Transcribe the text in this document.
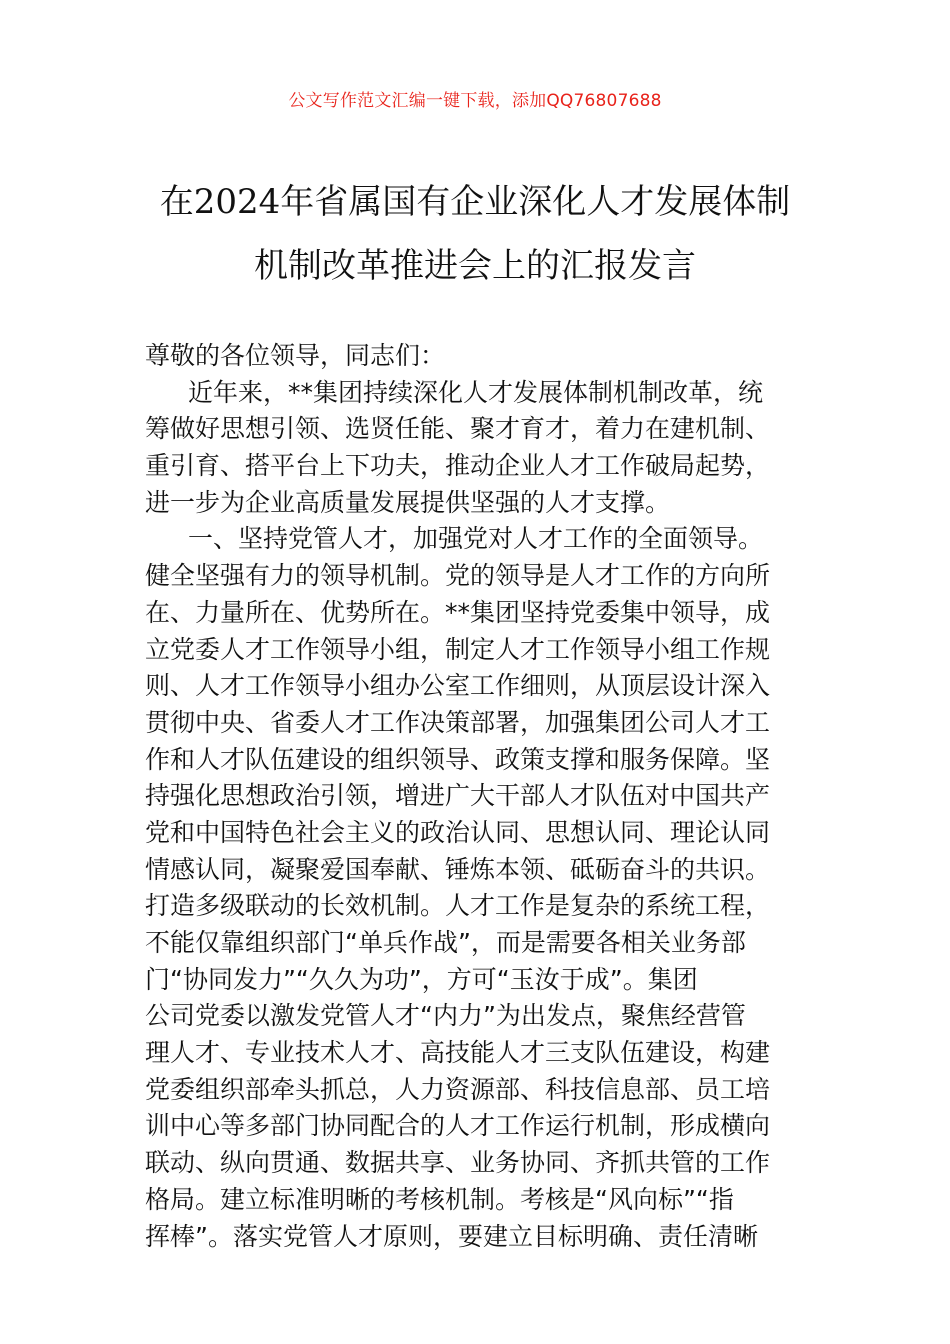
公文写作范文汇编一键下载，添加QQ76807688
在2024年省属国有企业深化人才发展体制
机制改革推进会上的汇报发言
尊敬的各位领导，同志们：
近年来，**集团持续深化人才发展体制机制改革，统
筹做好思想引领、选贤任能、聚才育才，着力在建机制、
重引育、搭平台上下功夫，推动企业人才工作破局起势，
进一步为企业高质量发展提供坚强的人才支撑。
一、坚持党管人才，加强党对人才工作的全面领导。
健全坚强有力的领导机制。党的领导是人才工作的方向所
在、力量所在、优势所在。**集团坚持党委集中领导，成
立党委人才工作领导小组，制定人才工作领导小组工作规
则、人才工作领导小组办公室工作细则，从顶层设计深入
贯彻中央、省委人才工作决策部署，加强集团公司人才工
作和人才队伍建设的组织领导、政策支撑和服务保障。坚
持强化思想政治引领，增进广大干部人才队伍对中国共产
党和中国特色社会主义的政治认同、思想认同、理论认同
情感认同，凝聚爱国奉献、锤炼本领、砥砺奋斗的共识。
打造多级联动的长效机制。人才工作是复杂的系统工程，
不能仅靠组织部门“单兵作战”，而是需要各相关业务部
门“协同发力”“久久为功”，方可“玉汝于成”。集团
公司党委以激发党管人才“内力”为出发点，聚焦经营管
理人才、专业技术人才、高技能人才三支队伍建设，构建
党委组织部牵头抓总，人力资源部、科技信息部、员工培
训中心等多部门协同配合的人才工作运行机制，形成横向
联动、纵向贯通、数据共享、业务协同、齐抓共管的工作
格局。建立标准明晰的考核机制。考核是“风向标”“指
挥棒”。落实党管人才原则，要建立目标明确、责任清晰
